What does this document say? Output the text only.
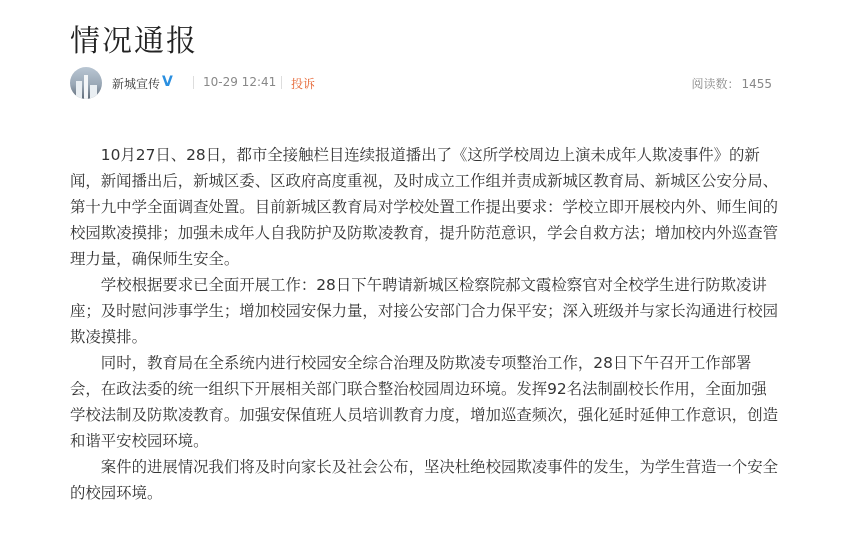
情况通报
新城宣传 V	10-29 12:41 投诉	阅读数： 1455

10月27日、28日，都市全接触栏目连续报道播出了《这所学校周边上演未成年人欺凌事件》的新闻，新闻播出后，新城区委、区政府高度重视，及时成立工作组并责成新城区教育局、新城区公安分局、第十九中学全面调查处置。目前新城区教育局对学校处置工作提出要求：学校立即开展校内外、师生间的校园欺凌摸排；加强未成年人自我防护及防欺凌教育，提升防范意识，学会自救方法；增加校内外巡查管理力量，确保师生安全。

学校根据要求已全面开展工作：28日下午聘请新城区检察院郝文霞检察官对全校学生进行防欺凌讲座；及时慰问涉事学生；增加校园安保力量，对接公安部门合力保平安；深入班级并与家长沟通进行校园欺凌摸排。

同时，教育局在全系统内进行校园安全综合治理及防欺凌专项整治工作，28日下午召开工作部署会，在政法委的统一组织下开展相关部门联合整治校园周边环境。发挥92名法制副校长作用，全面加强学校法制及防欺凌教育。加强安保值班人员培训教育力度，增加巡查频次，强化延时延伸工作意识，创造和谐平安校园环境。

案件的进展情况我们将及时向家长及社会公布，坚决杜绝校园欺凌事件的发生，为学生营造一个安全的校园环境。
